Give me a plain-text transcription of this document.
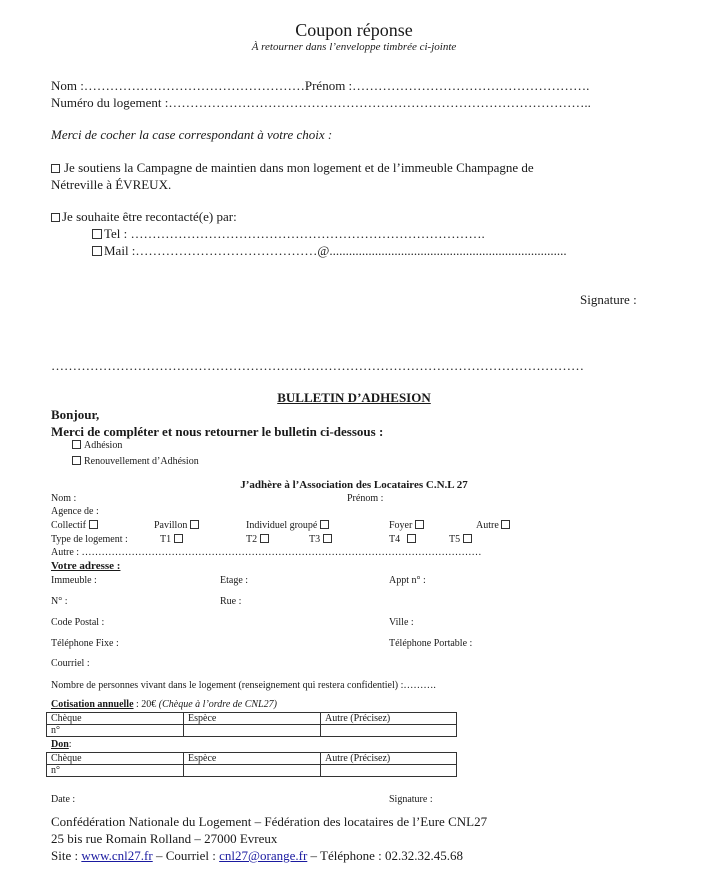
Coupon réponse
À retourner dans l’enveloppe timbrée ci-jointe
Nom :……………………………………………Prénom :……………………………………………….
Numéro du logement :……………………………………………………………………………………..
Merci de cocher la case correspondant à votre choix :
Je soutiens la Campagne de maintien dans mon logement et de l’immeuble Champagne de
Nétreville à ÉVREUX.
Je souhaite être recontacté(e) par:
Tel : ……………………………………………………………………….
Mail :……………………………………@.........................................................................
Signature :
……………………………………………………………………………………………………………
BULLETIN D’ADHESION
Bonjour,
Merci de compléter et nous retourner le bulletin ci-dessous :
Adhésion
Renouvellement d’Adhésion
J’adhère à l’Association des Locataires C.N.L 27
Nom :	Prénom :
Agence de :
Collectif	Pavillon	Individuel groupé	Foyer	Autre
Type de logement :	T1	T2	T3	T4	T5
Autre : …………………………………………………………………………………………………………
Votre adresse :
Immeuble :	Etage :	Appt n° :
N° :	Rue :
Code Postal :	Ville :
Téléphone Fixe :	Téléphone Portable :
Courriel :
Nombre de personnes vivant dans le logement (renseignement qui restera confidentiel) :……….
Cotisation annuelle : 20€ (Chèque à l’ordre de CNL27)
Chèque	Espèce	Autre (Précisez)
n°		
Don:
Chèque	Espèce	Autre (Précisez)
n°		
Date :	Signature :
Confédération Nationale du Logement – Fédération des locataires de l’Eure CNL27
25 bis rue Romain Rolland – 27000 Evreux
Site : www.cnl27.fr – Courriel : cnl27@orange.fr – Téléphone : 02.32.32.45.68
